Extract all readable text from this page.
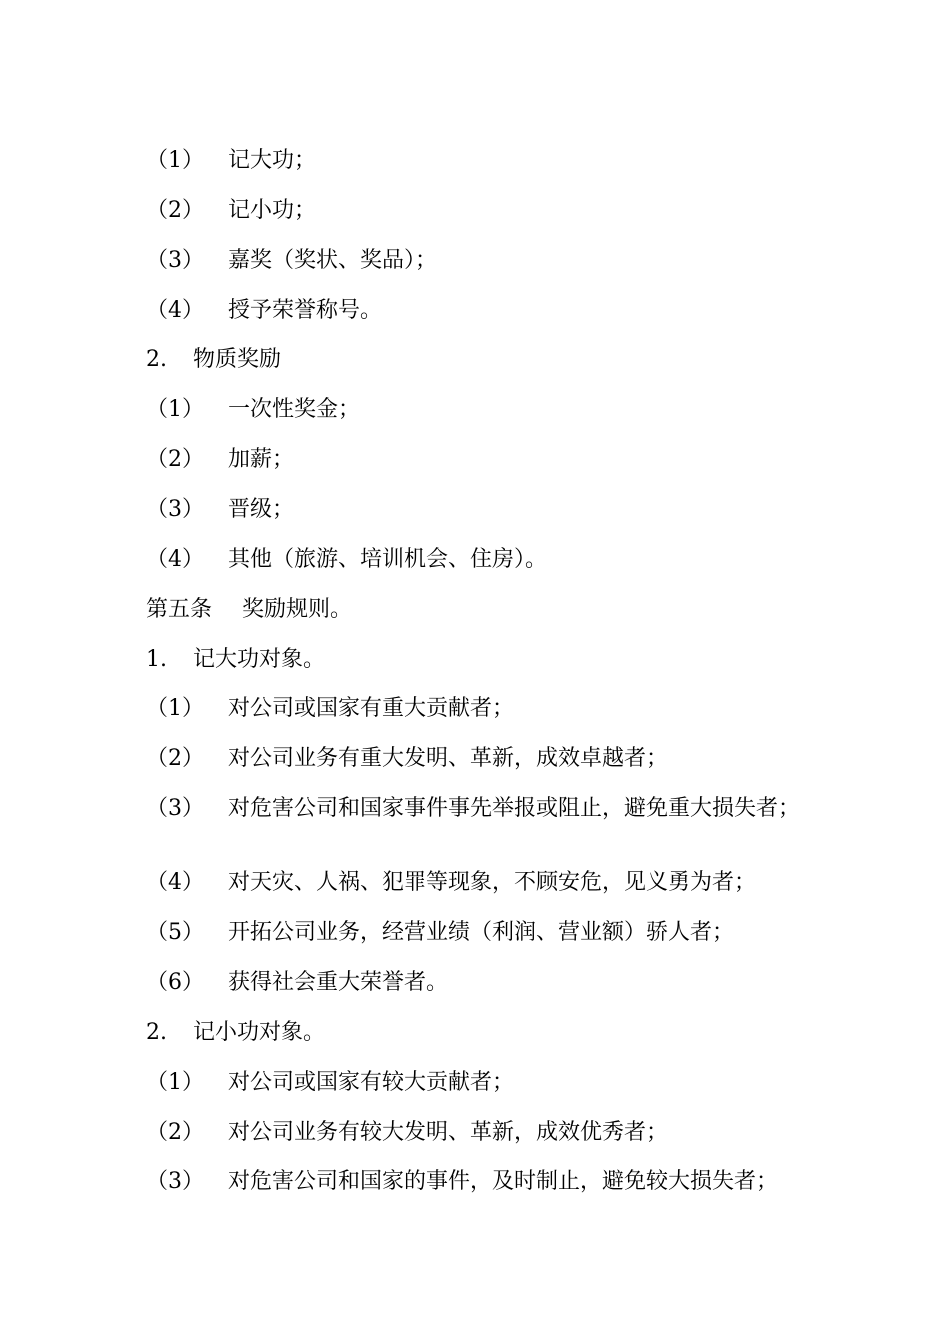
（1） 记大功；
（2） 记小功；
（3） 嘉奖（奖状、奖品）；
（4） 授予荣誉称号。
2. 物质奖励
（1） 一次性奖金；
（2） 加薪；
（3） 晋级；
（4） 其他（旅游、培训机会、住房）。
第五条 奖励规则。
1. 记大功对象。
（1） 对公司或国家有重大贡献者；
（2） 对公司业务有重大发明、革新，成效卓越者；
（3） 对危害公司和国家事件事先举报或阻止，避免重大损失者；
（4） 对天灾、人祸、犯罪等现象，不顾安危，见义勇为者；
（5） 开拓公司业务，经营业绩（利润、营业额）骄人者；
（6） 获得社会重大荣誉者。
2. 记小功对象。
（1） 对公司或国家有较大贡献者；
（2） 对公司业务有较大发明、革新，成效优秀者；
（3） 对危害公司和国家的事件，及时制止，避免较大损失者；
